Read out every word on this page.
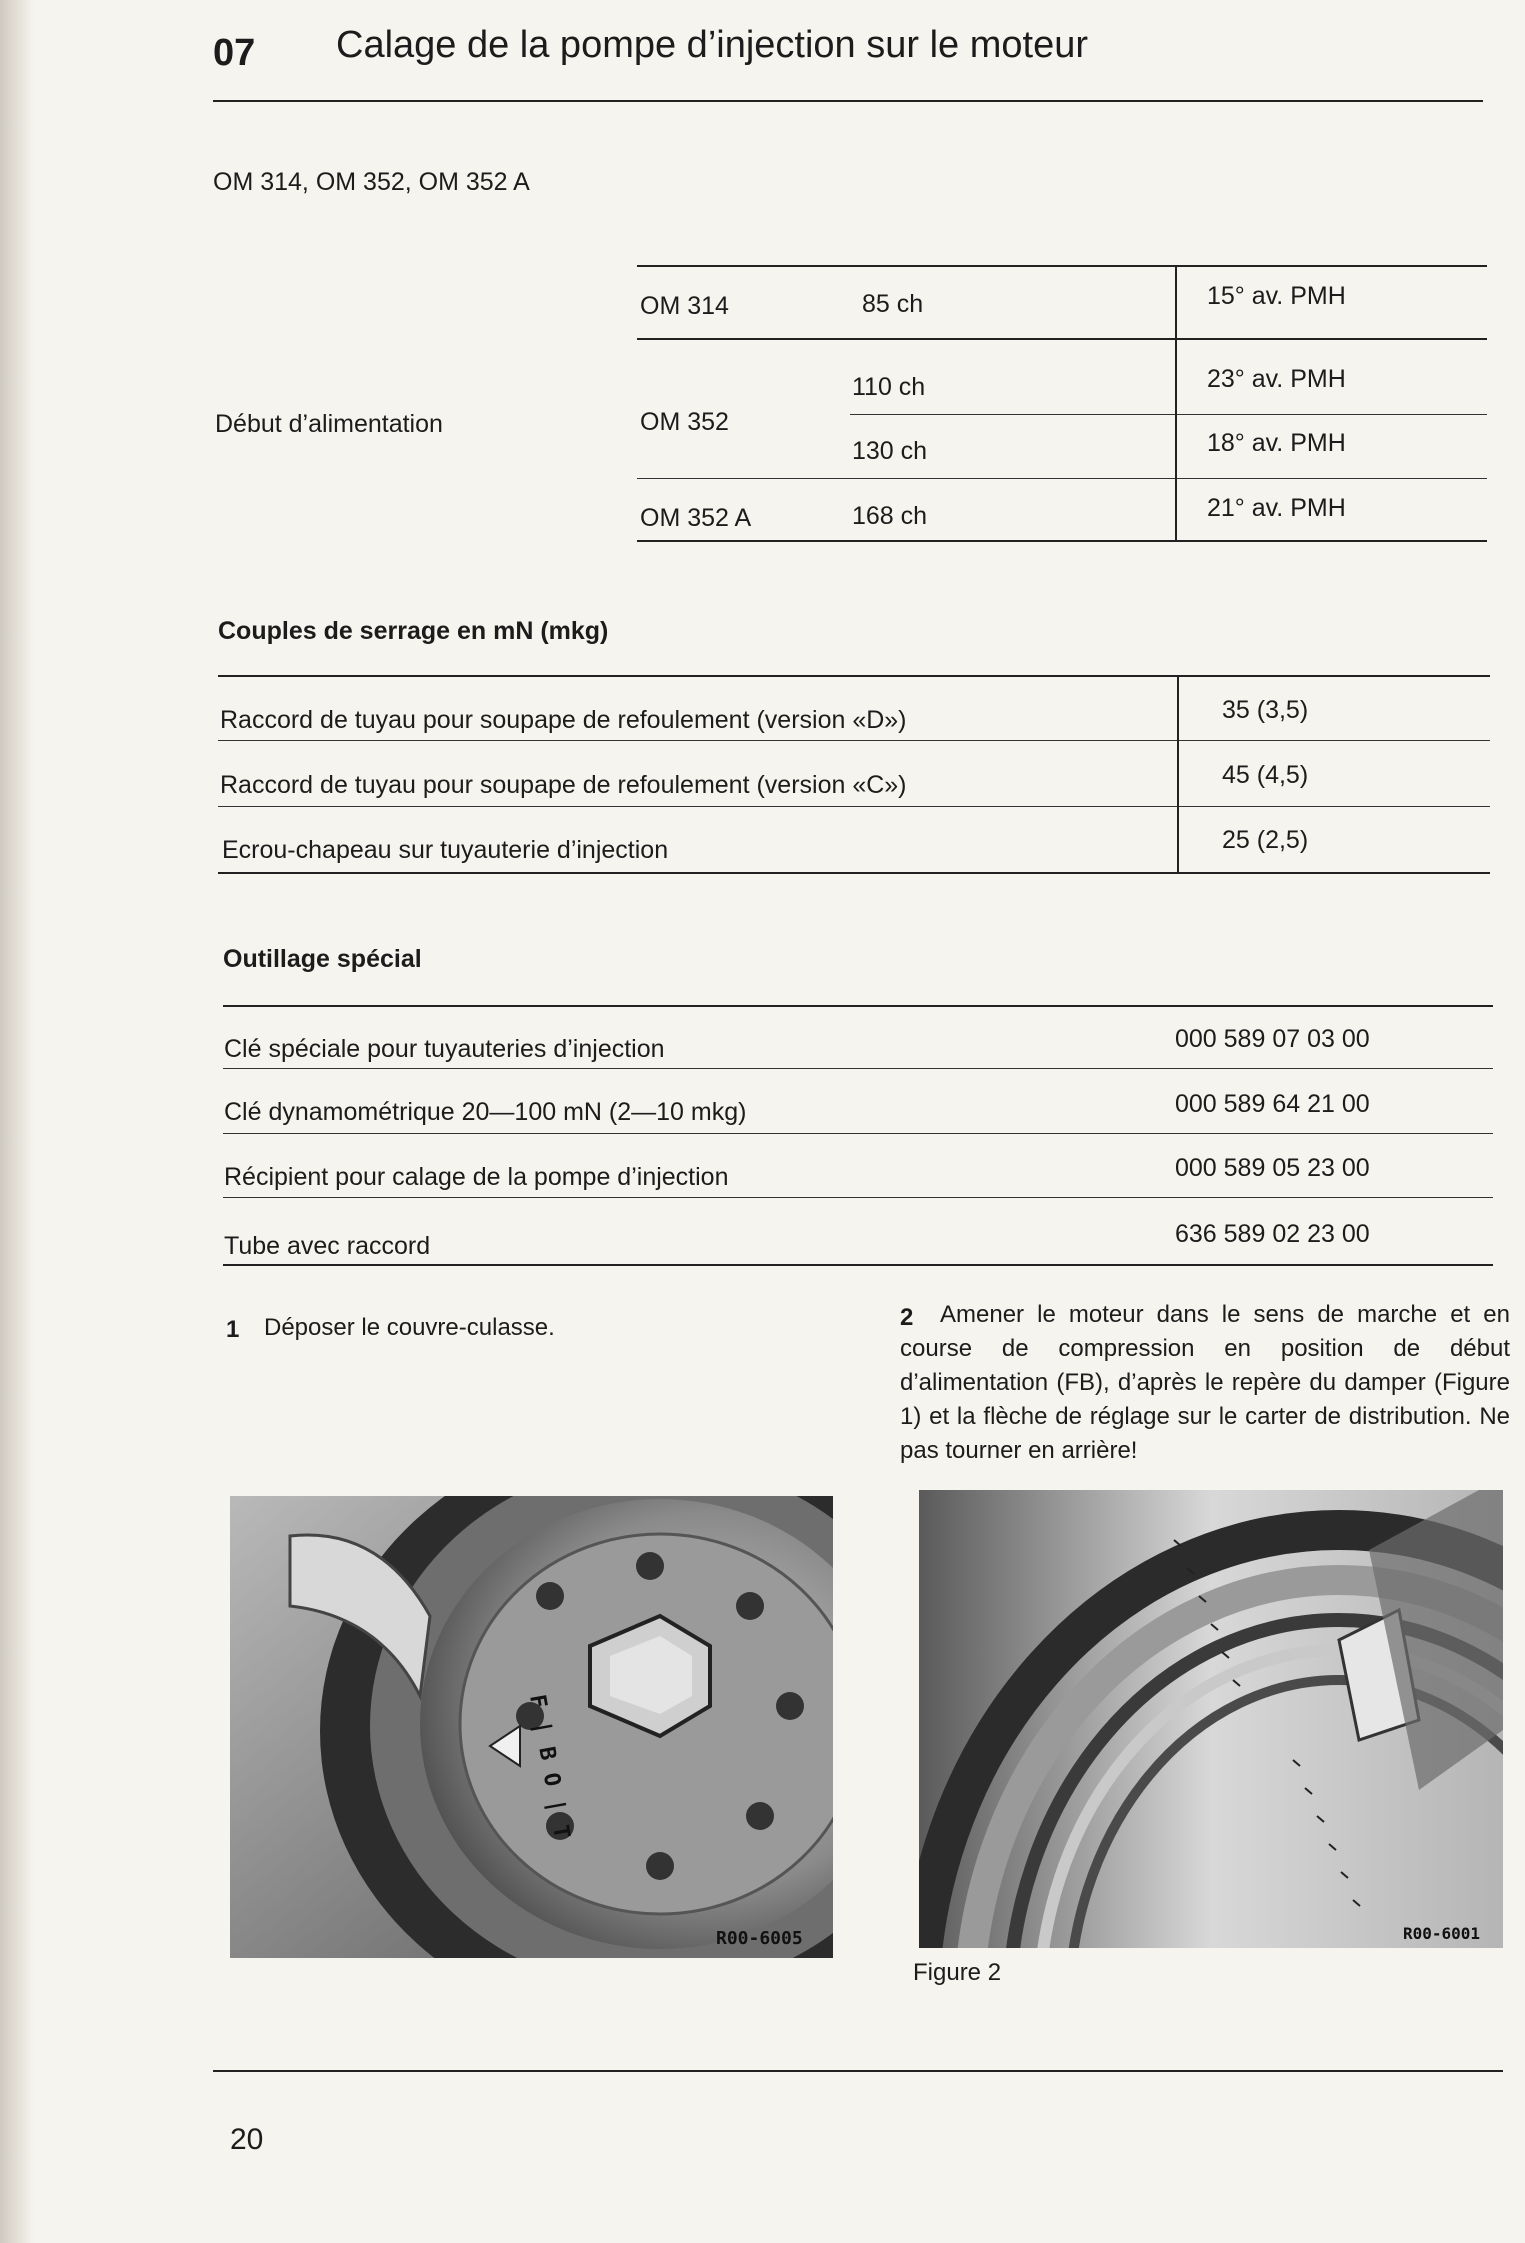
07 Calage de la pompe d’injection sur le moteur
OM 314, OM 352, OM 352 A
Début d’alimentation
OM 314	85 ch	15° av. PMH
OM 352
110 ch	23° av. PMH
130 ch	18° av. PMH
OM 352 A	168 ch	21° av. PMH
Couples de serrage en mN (mkg)
Raccord de tuyau pour soupape de refoulement (version «D»)	35 (3,5)
Raccord de tuyau pour soupape de refoulement (version «C»)	45 (4,5)
Ecrou-chapeau sur tuyauterie d’injection	25 (2,5)
Outillage spécial
Clé spéciale pour tuyauteries d’injection	000 589 07 03 00
Clé dynamométrique 20—100 mN (2—10 mkg)	000 589 64 21 00
Récipient pour calage de la pompe d’injection	000 589 05 23 00
Tube avec raccord	636 589 02 23 00
1 Déposer le couvre-culasse.	2	Amener le moteur dans le sens de marche et en course de compression en position de début d’alimentation (FB), d’après le repère du damper (Figure 1) et la flèche de réglage sur le carter de distribution. Ne pas tourner en arrière!
F | B O | T
R00-6005	R00-6001
Figure 2
20
